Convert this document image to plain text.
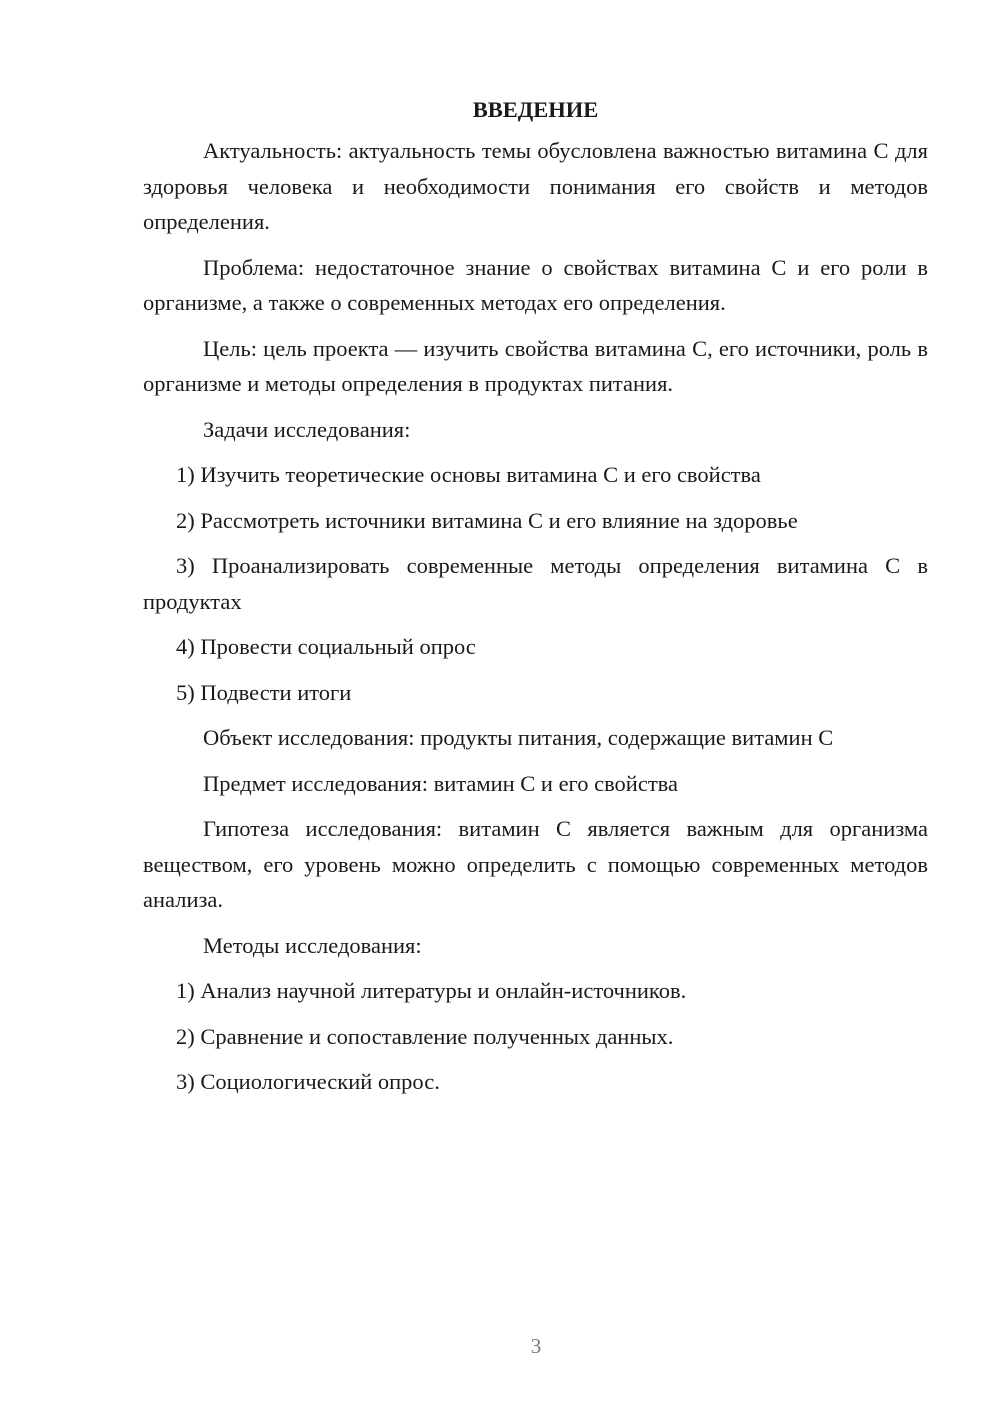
ВВЕДЕНИЕ

Актуальность: актуальность темы обусловлена важностью витамина С для здоровья человека и необходимости понимания его свойств и методов определения.

Проблема: недостаточное знание о свойствах витамина С и его роли в организме, а также о современных методах его определения.

Цель: цель проекта — изучить свойства витамина С, его источники, роль в организме и методы определения в продуктах питания.

Задачи исследования:

1) Изучить теоретические основы витамина С и его свойства

2) Рассмотреть источники витамина С и его влияние на здоровье

3) Проанализировать современные методы определения витамина С в продуктах

4) Провести социальный опрос

5) Подвести итоги

Объект исследования: продукты питания, содержащие витамин С

Предмет исследования: витамин С и его свойства

Гипотеза исследования: витамин С является важным для организма веществом, его уровень можно определить с помощью современных методов анализа.

Методы исследования:

1) Анализ научной литературы и онлайн-источников.

2) Сравнение и сопоставление полученных данных.

3) Социологический опрос.

3
